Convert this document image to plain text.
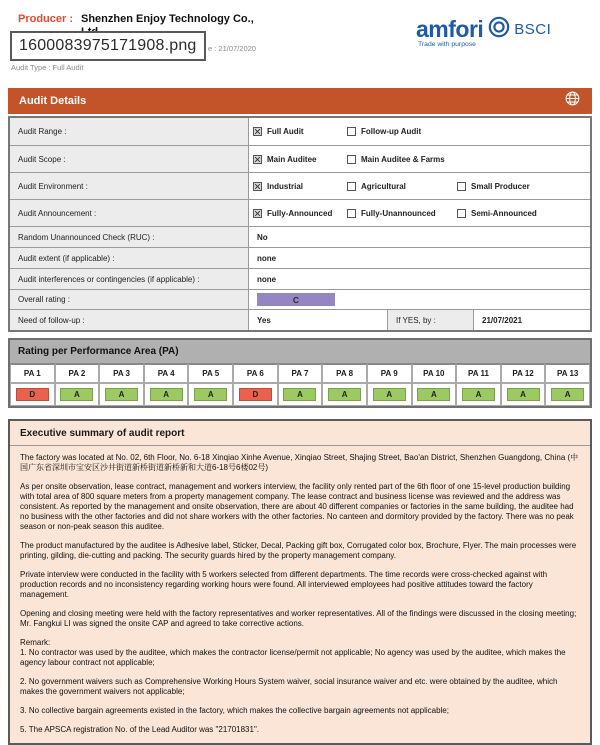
Producer : Shenzhen Enjoy Technology Co.,
1600083975171908.png	e : 21/07/2020
Audit Type : Full Audit
amfori BSCI
Trade with purpose
Audit Details
Audit Range :	Full Audit	Follow-up Audit
Audit Scope :	Main Auditee	Main Auditee & Farms
Audit Environment :	Industrial	Agricultural	Small Producer
Audit Announcement :	Fully-Announced	Fully-Unannounced	Semi-Announced
Random Unannounced Check (RUC) :	No
Audit extent (if applicable) :	none
Audit interferences or contingencies (if applicable) :	none
Overall rating :	C
Need of follow-up :	Yes	If YES, by :	21/07/2021
Rating per Performance Area (PA)
PA 1	PA 2	PA 3	PA 4	PA 5	PA 6	PA 7	PA 8	PA 9	PA 10	PA 11	PA 12	PA 13
D	A	A	A	A	D	A	A	A	A	A	A	A
Executive summary of audit report
The factory was located at No. 02, 6th Floor, No. 6-18 Xinqiao Xinhe Avenue, Xinqiao Street, Shajing Street, Bao'an District, Shenzhen Guangdong, China (中国广东省深圳市宝安区沙井街道新桥街道新桥新和大道6-18号6楼02号)
As per onsite observation, lease contract, management and workers interview, the facility only rented part of the 6th floor of one 15-level production building with total area of 800 square meters from a property management company. The lease contract and business license was reviewed and the address was consistent. As reported by the management and onsite observation, there are about 40 different companies or factories in the same building, the auditee had no business with the other factories and did not share workers with the other factories. No canteen and dormitory provided by the factory. There was no peak season or non-peak season this auditee.
The product manufactured by the auditee is Adhesive label, Sticker, Decal, Packing gift box, Corrugated color box, Brochure, Flyer. The main processes were printing, gilding, die-cutting and packing. The security guards hired by the property management company.
Private interview were conducted in the facility with 5 workers selected from different departments. The time records were cross-checked against with production records and no inconsistency regarding working hours were found. All interviewed employees had positive attitudes toward the factory management.
Opening and closing meeting were held with the factory representatives and worker representatives. All of the findings were discussed in the closing meeting; Mr. Fangkui LI was signed the onsite CAP and agreed to take corrective actions.
Remark:
1. No contractor was used by the auditee, which makes the contractor license/permit not applicable; No agency was used by the auditee, which makes the agency labour contract not applicable;
2. No government waivers such as Comprehensive Working Hours System waiver, social insurance waiver and etc. were obtained by the auditee, which makes the government waivers not applicable;
3. No collective bargain agreements existed in the factory, which makes the collective bargain agreements not applicable;
5. The APSCA registration No. of the Lead Auditor was "21701831".
